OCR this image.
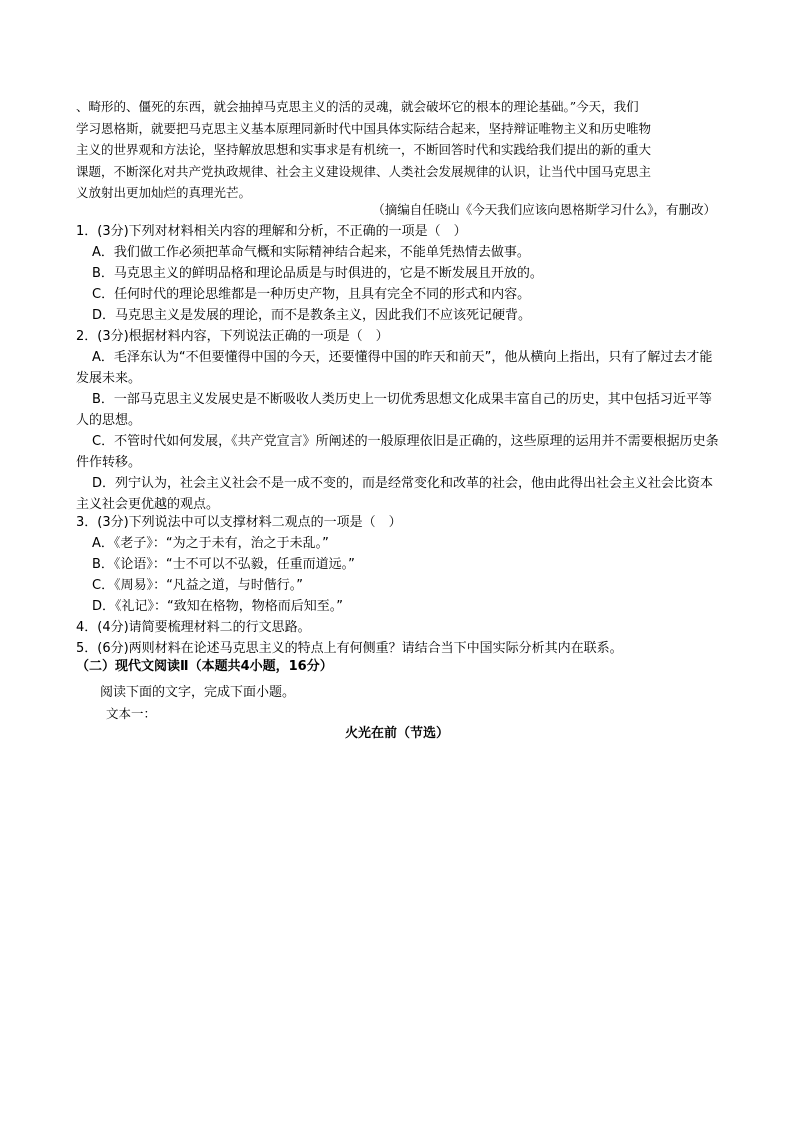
、畸形的、僵死的东西，就会抽掉马克思主义的活的灵魂，就会破坏它的根本的理论基础。”今天，我们

学习恩格斯，就要把马克思主义基本原理同新时代中国具体实际结合起来，坚持辩证唯物主义和历史唯物

主义的世界观和方法论，坚持解放思想和实事求是有机统一，不断回答时代和实践给我们提出的新的重大

课题，不断深化对共产党执政规律、社会主义建设规律、人类社会发展规律的认识，让当代中国马克思主

义放射出更加灿烂的真理光芒。

（摘编自任晓山《今天我们应该向恩格斯学习什么》，有删改）

1．(3分)下列对材料相关内容的理解和分析，不正确的一项是（　）

A．我们做工作必须把革命气概和实际精神结合起来，不能单凭热情去做事。

B．马克思主义的鲜明品格和理论品质是与时俱进的，它是不断发展且开放的。

C．任何时代的理论思维都是一种历史产物，且具有完全不同的形式和内容。

D．马克思主义是发展的理论，而不是教条主义，因此我们不应该死记硬背。

2．(3分)根据材料内容，下列说法正确的一项是（　）

A．毛泽东认为“不但要懂得中国的今天，还要懂得中国的昨天和前天”，他从横向上指出，只有了解过去才能发展未来。

B．一部马克思主义发展史是不断吸收人类历史上一切优秀思想文化成果丰富自己的历史，其中包括习近平等人的思想。

C．不管时代如何发展，《共产党宣言》所阐述的一般原理依旧是正确的，这些原理的运用并不需要根据历史条件作转移。

D．列宁认为，社会主义社会不是一成不变的，而是经常变化和改革的社会，他由此得出社会主义社会比资本主义社会更优越的观点。

3．(3分)下列说法中可以支撑材料二观点的一项是（　）

A．《老子》：“为之于未有，治之于未乱。”

B．《论语》：“士不可以不弘毅，任重而道远。”

C．《周易》：“凡益之道，与时偕行。”

D．《礼记》：“致知在格物，物格而后知至。”

4．(4分)请简要梳理材料二的行文思路。

5．(6分)两则材料在论述马克思主义的特点上有何侧重？请结合当下中国实际分析其内在联系。

（二）现代文阅读Ⅱ（本题共4小题，16分）
阅读下面的文字，完成下面小题。
文本一：
火光在前（节选）
